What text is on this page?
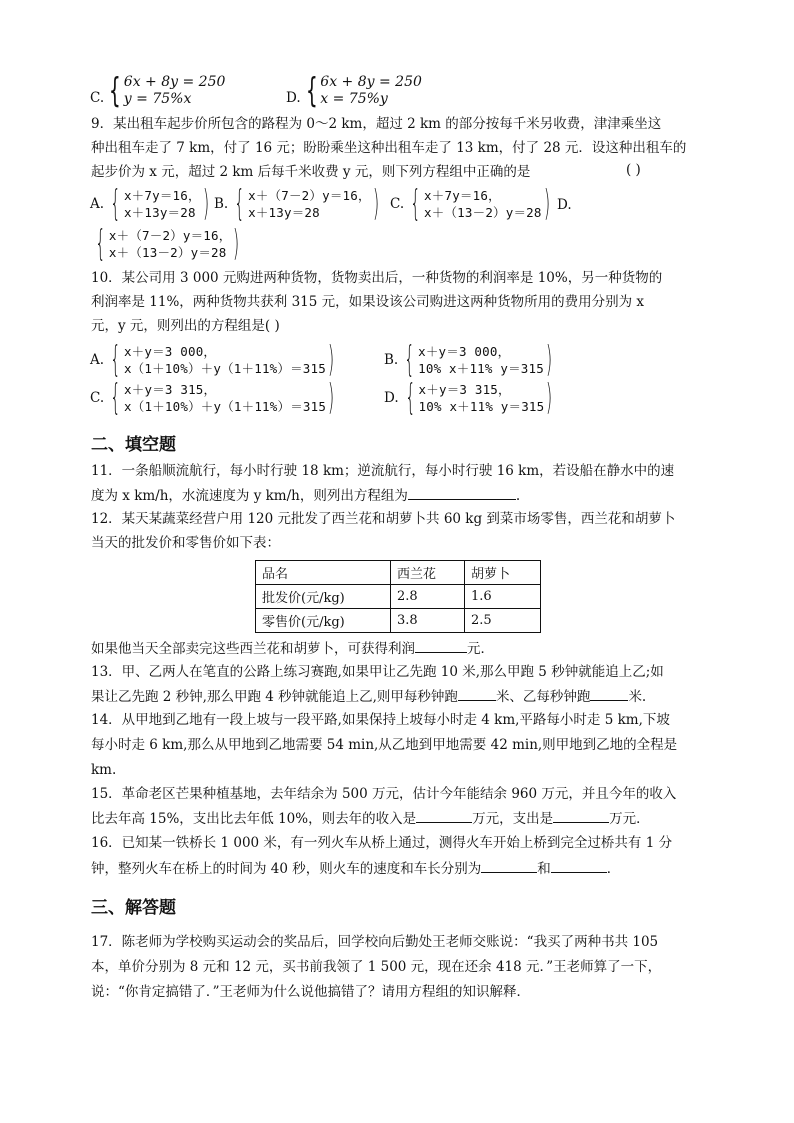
C. { 6x + 8y = 250
y = 75%x	D. { 6x + 8y = 250
x = 75%y
9．某出租车起步价所包含的路程为 0～2 km，超过 2 km 的部分按每千米另收费，津津乘坐这
种出租车走了 7 km，付了 16 元；盼盼乘坐这种出租车走了 13 km，付了 28 元．设这种出租车的
起步价为 x 元，超过 2 km 后每千米收费 y 元，则下列方程组中正确的是	( )
A. { x＋7y＝16，
x＋13y＝28 ) B. { x＋（7－2）y＝16，
x＋13y＝28	) C. { x＋7y＝16，
x＋（13－2）y＝28 ) D.
{ x＋（7－2）y＝16，
x＋（13－2）y＝28 )
10．某公司用 3 000 元购进两种货物，货物卖出后，一种货物的利润率是 10%，另一种货物的
利润率是 11%，两种货物共获利 315 元，如果设该公司购进这两种货物所用的费用分别为 x
元，y 元，则列出的方程组是( )
A. { x＋y＝3 000，
x（1＋10%）＋y（1＋11%）＝315 )	B. { x＋y＝3 000，
10% x＋11% y＝315 )
C. { x＋y＝3 315，
x（1＋10%）＋y（1＋11%）＝315 )	D. { x＋y＝3 315，
10% x＋11% y＝315 )
二、填空题
11．一条船顺流航行，每小时行驶 18 km；逆流航行，每小时行驶 16 km，若设船在静水中的速
度为 x km/h，水流速度为 y km/h，则列出方程组为	.
12．某天某蔬菜经营户用 120 元批发了西兰花和胡萝卜共 60 kg 到菜市场零售，西兰花和胡萝卜
当天的批发价和零售价如下表：
品名	西兰花	胡萝卜
批发价(元/kg)	2.8	1.6
零售价(元/kg)	3.8	2.5
如果他当天全部卖完这些西兰花和胡萝卜，可获得利润	元．
13．甲、乙两人在笔直的公路上练习赛跑,如果甲让乙先跑 10 米,那么甲跑 5 秒钟就能追上乙;如
果让乙先跑 2 秒钟,那么甲跑 4 秒钟就能追上乙,则甲每秒钟跑	米、乙每秒钟跑	米.
14．从甲地到乙地有一段上坡与一段平路,如果保持上坡每小时走 4 km,平路每小时走 5 km,下坡
每小时走 6 km,那么从甲地到乙地需要 54 min,从乙地到甲地需要 42 min,则甲地到乙地的全程是
km.
15．革命老区芒果种植基地，去年结余为 500 万元，估计今年能结余 960 万元，并且今年的收入
比去年高 15%，支出比去年低 10%，则去年的收入是	万元，支出是	万元．
16．已知某一铁桥长 1 000 米，有一列火车从桥上通过，测得火车开始上桥到完全过桥共有 1 分
钟，整列火车在桥上的时间为 40 秒，则火车的速度和车长分别为	和	．
三、解答题
17．陈老师为学校购买运动会的奖品后，回学校向后勤处王老师交账说：“我买了两种书共 105
本，单价分别为 8 元和 12 元，买书前我领了 1 500 元，现在还余 418 元．”王老师算了一下，
说：“你肯定搞错了．”王老师为什么说他搞错了？请用方程组的知识解释．
